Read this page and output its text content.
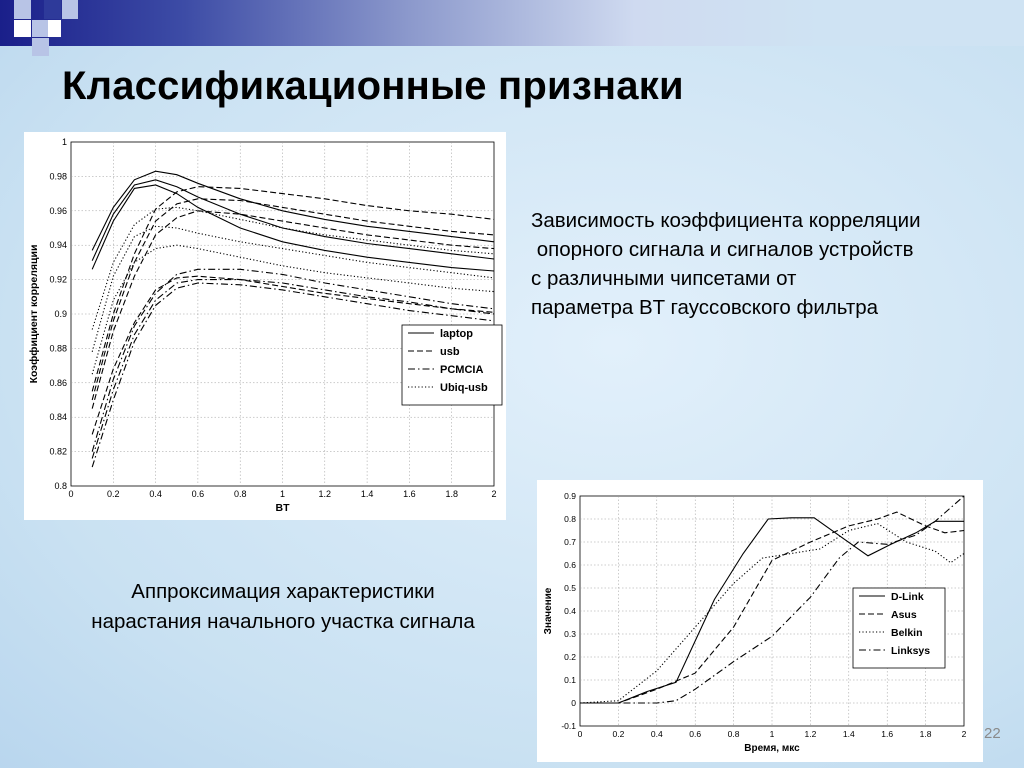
Классификационные признаки
0	0.2	0.4	0.6	0.8	1	1.2	1.4	1.6	1.8	2
0.8
0.82
0.84
0.86
0.88
0.9
0.92
0.94
0.96
0.98
1
BT
Коэффициент корреляции	laptop
usb
PCMCIA
Ubiq-usb
Зависимость коэффициента корреляции
опорного сигнала и сигналов устройств
с различными чипсетами от
параметра BT гауссовского фильтра
Аппроксимация характеристики
нарастания начального участка сигнала
0	0.2	0.4	0.6	0.8	1	1.2	1.4	1.6	1.8	2
-0.1
0
0.1
0.2
0.3
0.4
0.5
0.6
0.7
0.8
0.9
Время, мкс
Значение	D-Link
Asus
Belkin
Linksys
22
